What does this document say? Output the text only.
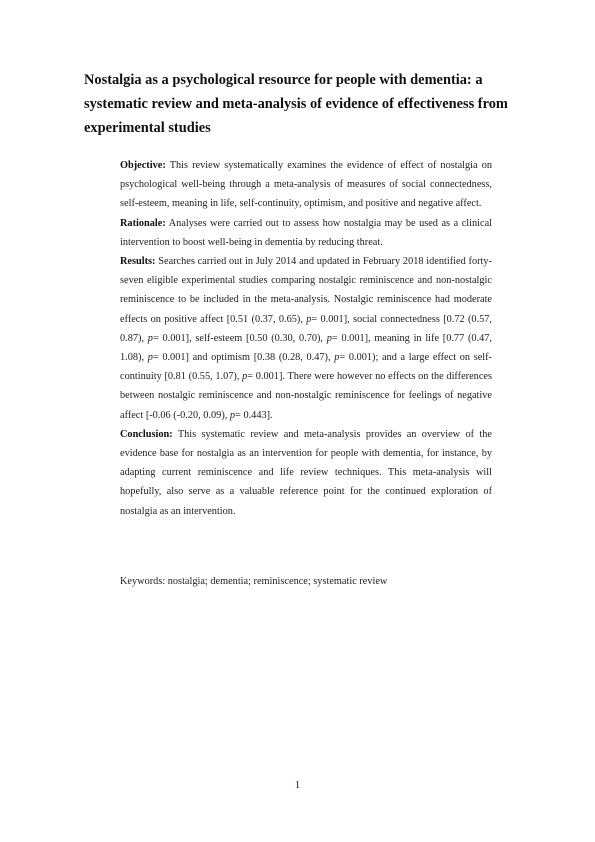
Nostalgia as a psychological resource for people with dementia: a systematic review and meta-analysis of evidence of effectiveness from experimental studies

Objective: This review systematically examines the evidence of effect of nostalgia on psychological well-being through a meta-analysis of measures of social connectedness, self-esteem, meaning in life, self-continuity, optimism, and positive and negative affect.

Rationale: Analyses were carried out to assess how nostalgia may be used as a clinical intervention to boost well-being in dementia by reducing threat.

Results: Searches carried out in July 2014 and updated in February 2018 identified forty-seven eligible experimental studies comparing nostalgic reminiscence and non-nostalgic reminiscence to be included in the meta-analysis. Nostalgic reminiscence had moderate effects on positive affect [0.51 (0.37, 0.65), p= 0.001], social connectedness [0.72 (0.57, 0.87), p= 0.001], self-esteem [0.50 (0.30, 0.70), p= 0.001], meaning in life [0.77 (0.47, 1.08), p= 0.001] and optimism [0.38 (0.28, 0.47), p= 0.001); and a large effect on self-continuity [0.81 (0.55, 1.07), p= 0.001]. There were however no effects on the differences between nostalgic reminiscence and non-nostalgic reminiscence for feelings of negative affect [-0.06 (-0.20, 0.09), p= 0.443].

Conclusion: This systematic review and meta-analysis provides an overview of the evidence base for nostalgia as an intervention for people with dementia, for instance, by adapting current reminiscence and life review techniques. This meta-analysis will hopefully, also serve as a valuable reference point for the continued exploration of nostalgia as an intervention.

Keywords: nostalgia; dementia; reminiscence; systematic review

1
